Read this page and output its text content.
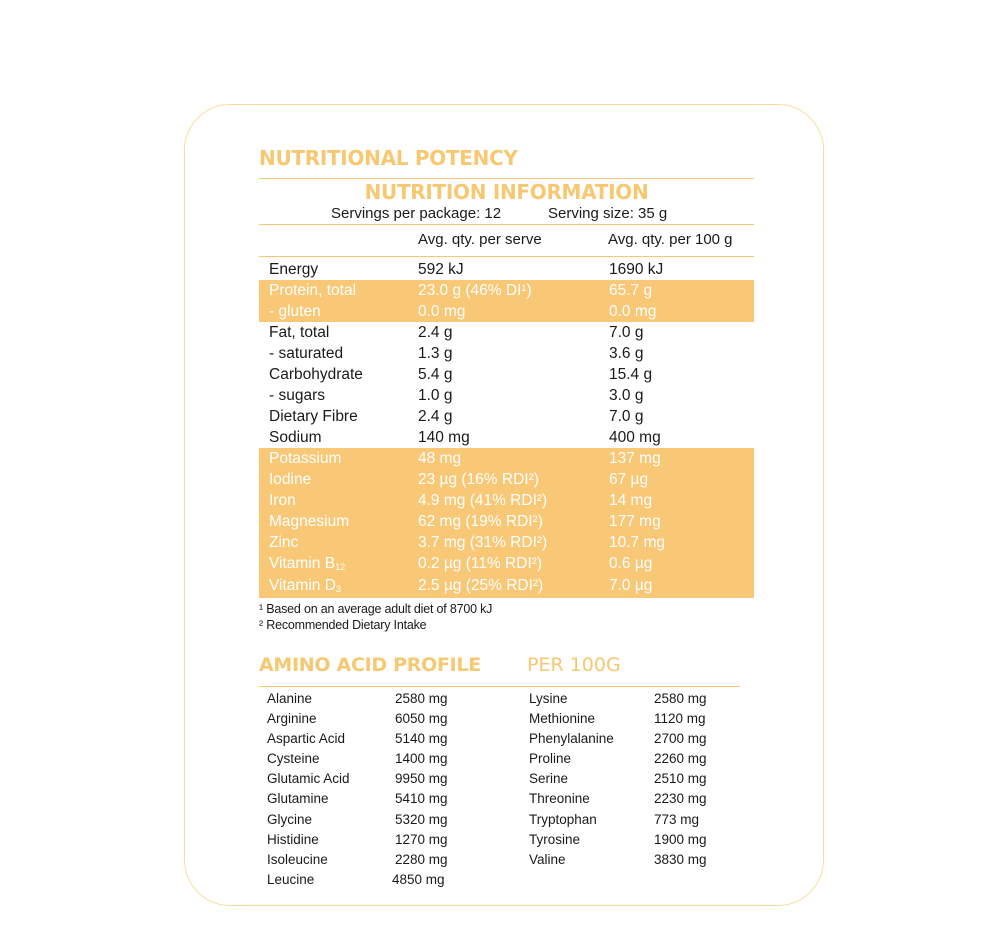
NUTRITIONAL POTENCY
NUTRITION INFORMATION
Servings per package: 12	Serving size: 35 g
Avg. qty. per serve	Avg. qty. per 100 g
Energy	592 kJ	1690 kJ
Protein, total	23.0 g (46% DI¹)	65.7 g
- gluten	0.0 mg	0.0 mg
Fat, total	2.4 g	7.0 g
- saturated	1.3 g	3.6 g
Carbohydrate	5.4 g	15.4 g
- sugars	1.0 g	3.0 g
Dietary Fibre	2.4 g	7.0 g
Sodium	140 mg	400 mg
Potassium	48 mg	137 mg
Iodine	23 µg (16% RDI²)	67 µg
Iron	4.9 mg (41% RDI²)	14 mg
Magnesium	62 mg (19% RDI²)	177 mg
Zinc	3.7 mg (31% RDI²)	10.7 mg
Vitamin $B_{12}$	0.2 µg (11% RDI²)	0.6 µg
Vitamin $D_3$	2.5 µg (25% RDI²)	7.0 µg
¹ Based on an average adult diet of 8700 kJ
² Recommended Dietary Intake
AMINO ACID PROFILE PER 100G
Alanine	2580 mg
Arginine	6050 mg
Aspartic Acid	5140 mg
Cysteine	1400 mg
Glutamic Acid	9950 mg
Glutamine	5410 mg
Glycine	5320 mg
Histidine	1270 mg
Isoleucine	2280 mg
Leucine	4850 mg
Lysine	2580 mg
Methionine	1120 mg
Phenylalanine	2700 mg
Proline	2260 mg
Serine	2510 mg
Threonine	2230 mg
Tryptophan	773 mg
Tyrosine	1900 mg
Valine	3830 mg
